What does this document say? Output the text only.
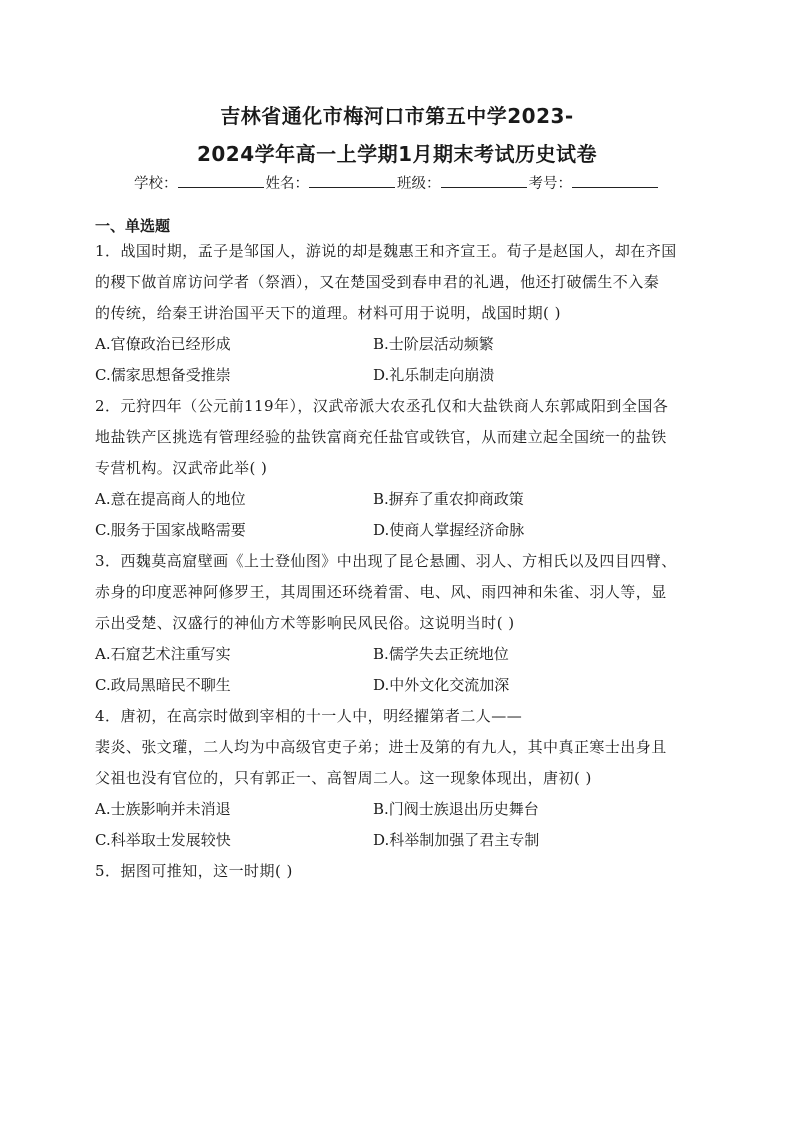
吉林省通化市梅河口市第五中学2023-
2024学年高一上学期1月期末考试历史试卷
学校：	姓名：	班级：	考号：
一、单选题

1．战国时期，孟子是邹国人，游说的却是魏惠王和齐宣王。荀子是赵国人，却在齐国

的稷下做首席访问学者（祭酒），又在楚国受到春申君的礼遇，他还打破儒生不入秦

的传统，给秦王讲治国平天下的道理。材料可用于说明，战国时期( )

A.官僚政治已经形成	B.士阶层活动频繁
C.儒家思想备受推崇	D.礼乐制走向崩溃

2．元狩四年（公元前119年），汉武帝派大农丞孔仅和大盐铁商人东郭咸阳到全国各

地盐铁产区挑选有管理经验的盐铁富商充任盐官或铁官，从而建立起全国统一的盐铁

专营机构。汉武帝此举( )

A.意在提高商人的地位	B.摒弃了重农抑商政策
C.服务于国家战略需要	D.使商人掌握经济命脉

3．西魏莫高窟壁画《上士登仙图》中出现了昆仑悬圃、羽人、方相氏以及四目四臂、

赤身的印度恶神阿修罗王，其周围还环绕着雷、电、风、雨四神和朱雀、羽人等，显

示出受楚、汉盛行的神仙方术等影响民风民俗。这说明当时( )

A.石窟艺术注重写实	B.儒学失去正统地位
C.政局黑暗民不聊生	D.中外文化交流加深

4．唐初，在高宗时做到宰相的十一人中，明经擢第者二人——

裴炎、张文瓘，二人均为中高级官吏子弟；进士及第的有九人，其中真正寒士出身且

父祖也没有官位的，只有郭正一、高智周二人。这一现象体现出，唐初( )

A.士族影响并未消退	B.门阀士族退出历史舞台
C.科举取士发展较快	D.科举制加强了君主专制

5．据图可推知，这一时期( )
